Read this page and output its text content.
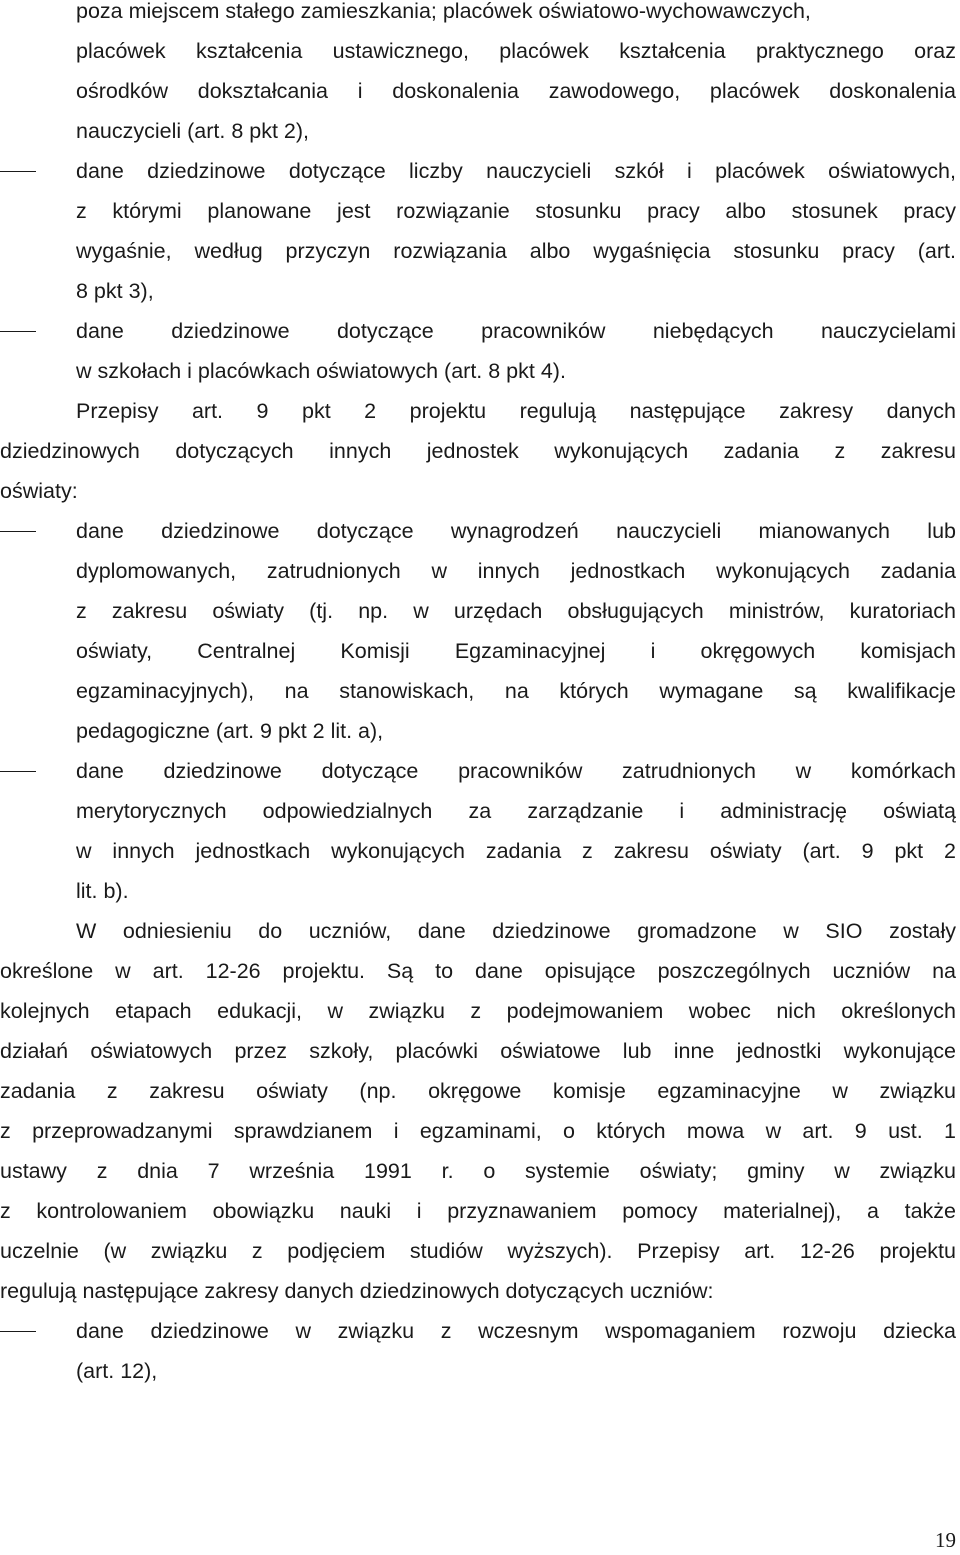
poza miejscem stałego zamieszkania; placówek oświatowo-wychowawczych,
placówek kształcenia ustawicznego, placówek kształcenia praktycznego oraz
ośrodków dokształcania i doskonalenia zawodowego, placówek doskonalenia
nauczycieli (art. 8 pkt 2),
dane dziedzinowe dotyczące liczby nauczycieli szkół i placówek oświatowych,
z którymi planowane jest rozwiązanie stosunku pracy albo stosunek pracy
wygaśnie, według przyczyn rozwiązania albo wygaśnięcia stosunku pracy (art.
8 pkt 3),
dane dziedzinowe dotyczące pracowników niebędących nauczycielami
w szkołach i placówkach oświatowych (art. 8 pkt 4).
Przepisy art. 9 pkt 2 projektu regulują następujące zakresy danych
dziedzinowych dotyczących innych jednostek wykonujących zadania z zakresu
oświaty:
dane dziedzinowe dotyczące wynagrodzeń nauczycieli mianowanych lub
dyplomowanych, zatrudnionych w innych jednostkach wykonujących zadania
z zakresu oświaty (tj. np. w urzędach obsługujących ministrów, kuratoriach
oświaty, Centralnej Komisji Egzaminacyjnej i okręgowych komisjach
egzaminacyjnych), na stanowiskach, na których wymagane są kwalifikacje
pedagogiczne (art. 9 pkt 2 lit. a),
dane dziedzinowe dotyczące pracowników zatrudnionych w komórkach
merytorycznych odpowiedzialnych za zarządzanie i administrację oświatą
w innych jednostkach wykonujących zadania z zakresu oświaty (art. 9 pkt 2
lit. b).
W odniesieniu do uczniów, dane dziedzinowe gromadzone w SIO zostały
określone w art. 12-26 projektu. Są to dane opisujące poszczególnych uczniów na
kolejnych etapach edukacji, w związku z podejmowaniem wobec nich określonych
działań oświatowych przez szkoły, placówki oświatowe lub inne jednostki wykonujące
zadania z zakresu oświaty (np. okręgowe komisje egzaminacyjne w związku
z przeprowadzanymi sprawdzianem i egzaminami, o których mowa w art. 9 ust. 1
ustawy z dnia 7 września 1991 r. o systemie oświaty; gminy w związku
z kontrolowaniem obowiązku nauki i przyznawaniem pomocy materialnej), a także
uczelnie (w związku z podjęciem studiów wyższych). Przepisy art. 12-26 projektu
regulują następujące zakresy danych dziedzinowych dotyczących uczniów:
dane dziedzinowe w związku z wczesnym wspomaganiem rozwoju dziecka
(art. 12),
19
